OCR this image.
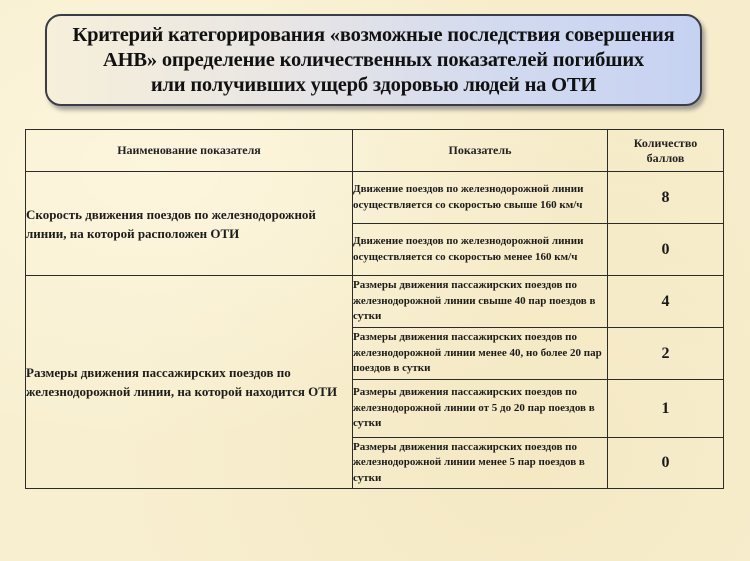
Критерий категорирования «возможные последствия совершения
АНВ» определение количественных показателей погибших
или получивших ущерб здоровью людей на ОТИ
Наименование показателя	Показатель	Количество баллов
Скорость движения поездов по железнодорожной линии, на которой расположен ОТИ	Движение поездов по железнодорожной линии осуществляется со скоростью свыше 160 км/ч	8
	Движение поездов по железнодорожной линии осуществляется со скоростью менее 160 км/ч	0
Размеры движения пассажирских поездов по железнодорожной линии, на которой находится ОТИ	Размеры движения пассажирских поездов по железнодорожной линии свыше 40 пар поездов в сутки	4
	Размеры движения пассажирских поездов по железнодорожной линии менее 40, но более 20 пар поездов в сутки	2
	Размеры движения пассажирских поездов по железнодорожной линии от 5 до 20 пар поездов в сутки	1
	Размеры движения пассажирских поездов по железнодорожной линии менее 5 пар поездов в сутки	0
